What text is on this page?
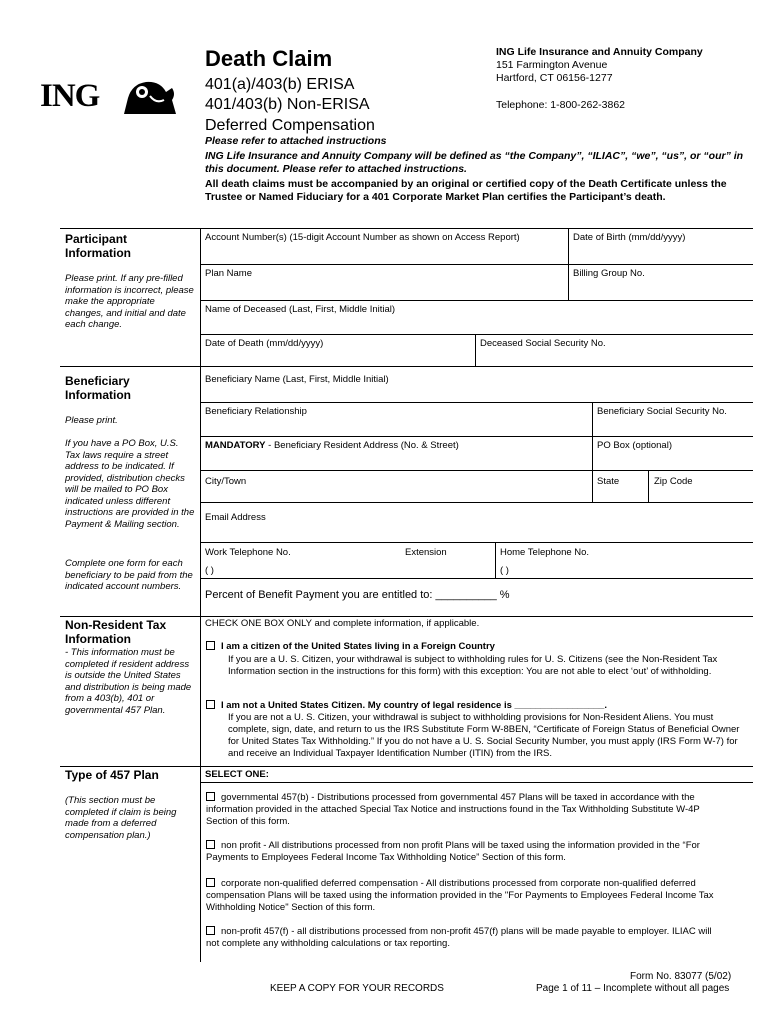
ING
Death Claim
401(a)/403(b) ERISA
401/403(b) Non-ERISA
Deferred Compensation
ING Life Insurance and Annuity Company
151 Farmington Avenue
Hartford, CT 06156-1277
Telephone: 1-800-262-3862
Please refer to attached instructions
ING Life Insurance and Annuity Company will be defined as “the Company”, “ILIAC”, “we”, “us”, or “our” in this document. Please refer to attached instructions.
All death claims must be accompanied by an original or certified copy of the Death Certificate unless the Trustee or Named Fiduciary for a 401 Corporate Market Plan certifies the Participant’s death.
Participant Information
Please print. If any pre-filled information is incorrect, please make the appropriate changes, and initial and date each change.
Account Number(s) (15-digit Account Number as shown on Access Report)	Date of Birth (mm/dd/yyyy)
Plan Name	Billing Group No.
Name of Deceased (Last, First, Middle Initial)
Date of Death (mm/dd/yyyy)	Deceased Social Security No.
Beneficiary Information
Please print.
If you have a PO Box, U.S. Tax laws require a street address to be indicated. If provided, distribution checks will be mailed to PO Box indicated unless different instructions are provided in the Payment & Mailing section.
Complete one form for each beneficiary to be paid from the indicated account numbers.
Beneficiary Name (Last, First, Middle Initial)
Beneficiary Relationship	Beneficiary Social Security No.
MANDATORY - Beneficiary Resident Address (No. & Street)	PO Box (optional)
City/Town	State	Zip Code
Email Address
Work Telephone No.	Extension	Home Telephone No.
( )	( )
Percent of Benefit Payment you are entitled to: __________ %
Non-Resident Tax Information
- This information must be completed if resident address is outside the United States and distribution is being made from a 403(b), 401 or governmental 457 Plan.
CHECK ONE BOX ONLY and complete information, if applicable.
I am a citizen of the United States living in a Foreign Country
If you are a U. S. Citizen, your withdrawal is subject to withholding rules for U. S. Citizens (see the Non-Resident Tax Information section in the instructions for this form) with this exception: You are not able to elect ‘out’ of withholding.
I am not a United States Citizen. My country of legal residence is _________________.
If you are not a U. S. Citizen, your withdrawal is subject to withholding provisions for Non-Resident Aliens. You must complete, sign, date, and return to us the IRS Substitute Form W-8BEN, “Certificate of Foreign Status of Beneficial Owner for United States Tax Withholding.” If you do not have a U. S. Social Security Number, you must apply (IRS Form W-7) for and receive an Individual Taxpayer Identification Number (ITIN) from the IRS.
Type of 457 Plan
(This section must be completed if claim is being made from a deferred compensation plan.)
SELECT ONE:
governmental 457(b) - Distributions processed from governmental 457 Plans will be taxed in accordance with the information provided in the attached Special Tax Notice and instructions found in the Tax Withholding Substitute W-4P Section of this form.
non profit - All distributions processed from non profit Plans will be taxed using the information provided in the “For Payments to Employees Federal Income Tax Withholding Notice” Section of this form.
corporate non-qualified deferred compensation - All distributions processed from corporate non-qualified deferred compensation Plans will be taxed using the information provided in the "For Payments to Employees Federal Income Tax Withholding Notice" Section of this form.
non-profit 457(f) - all distributions processed from non-profit 457(f) plans will be made payable to employer. ILIAC will not complete any withholding calculations or tax reporting.
KEEP A COPY FOR YOUR RECORDS
Form No. 83077 (5/02)
Page 1 of 11 – Incomplete without all pages
